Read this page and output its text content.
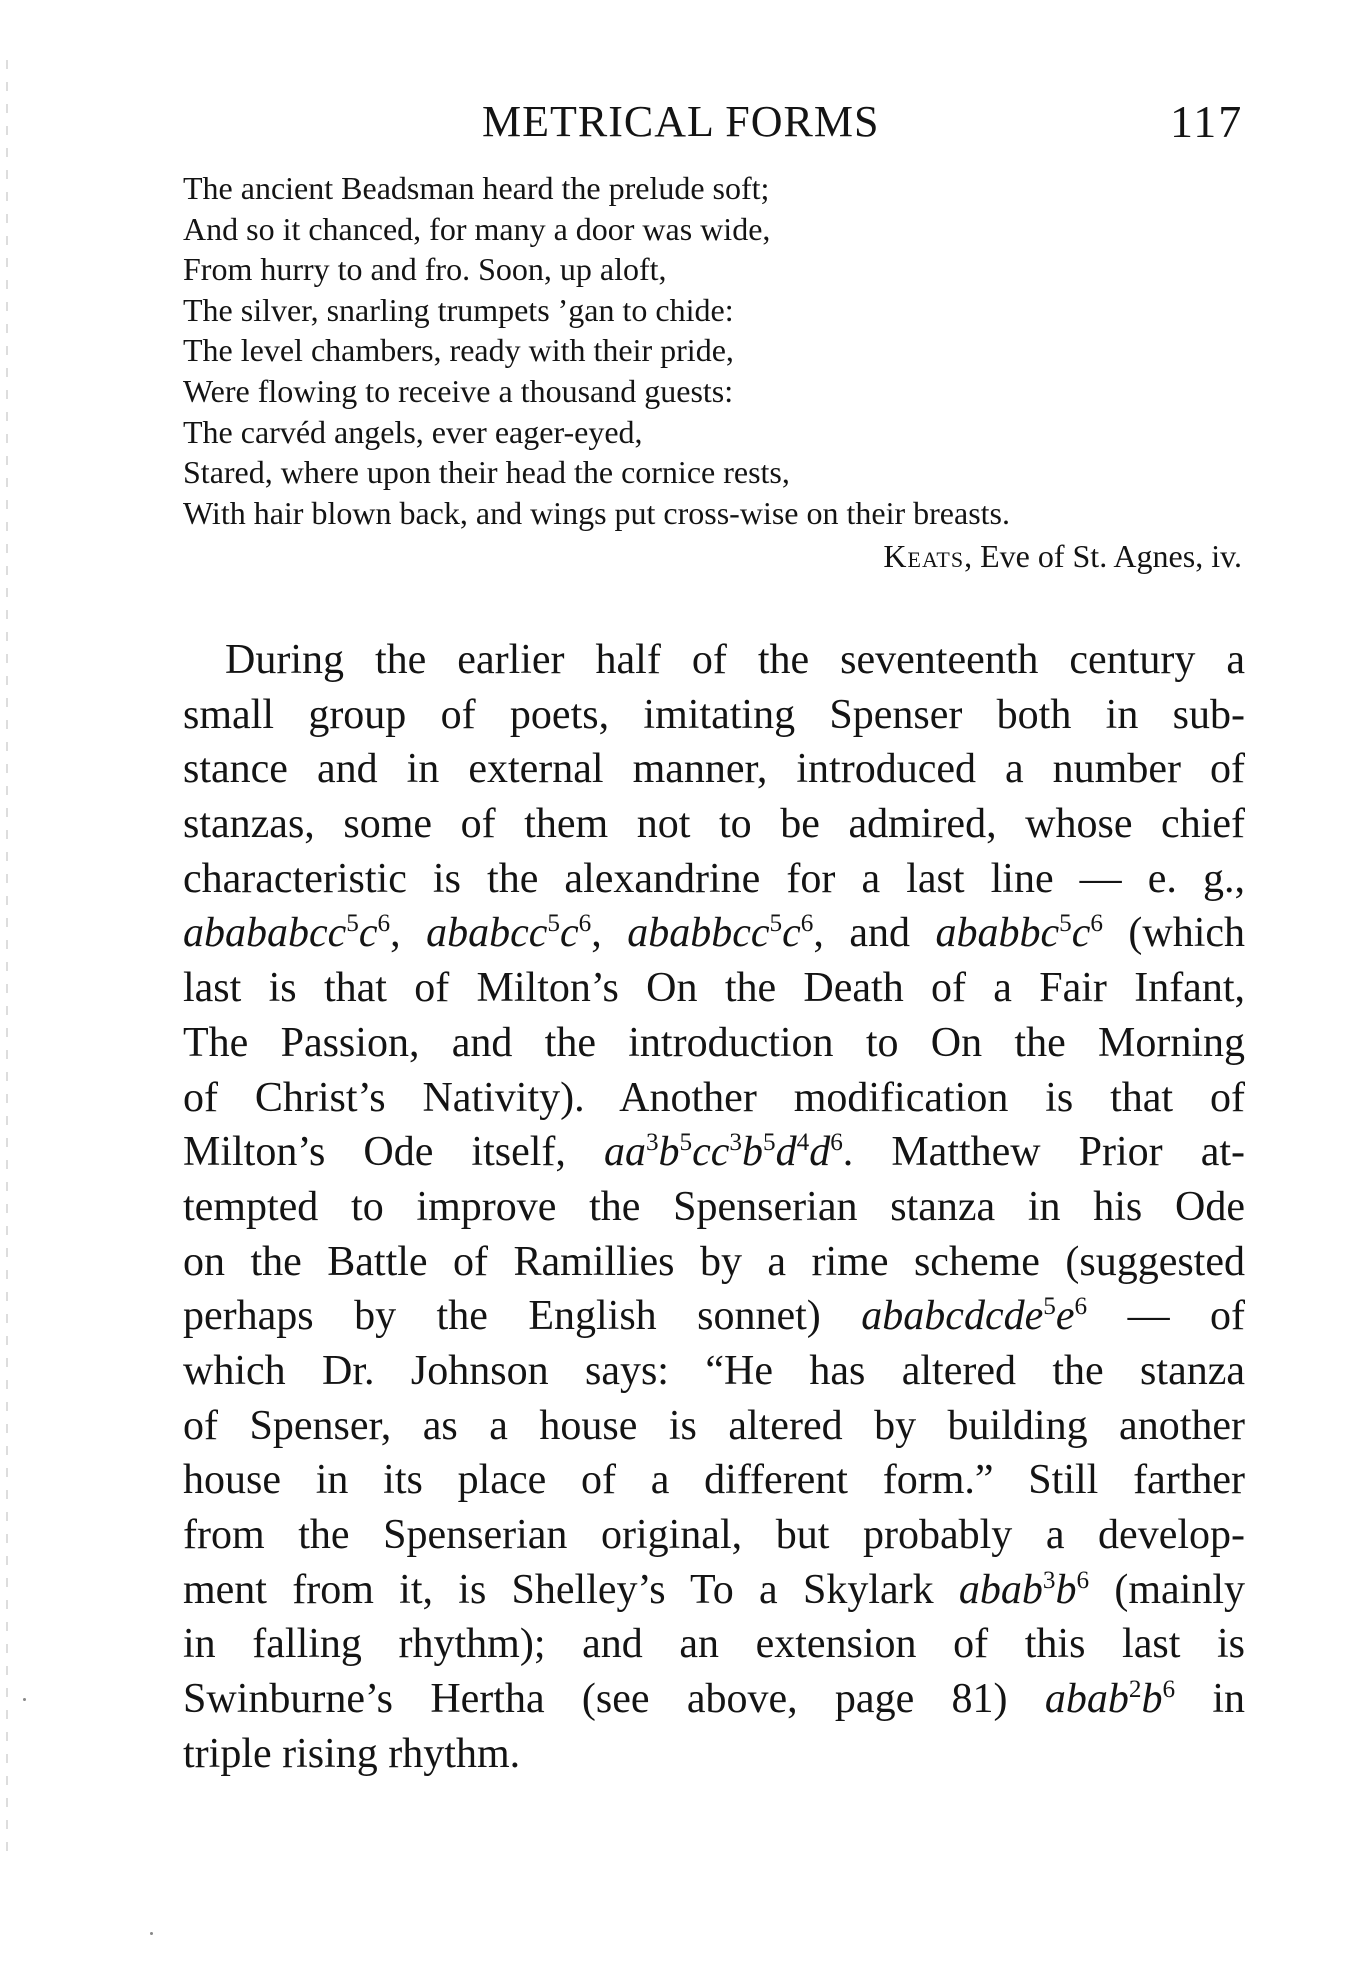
METRICAL FORMS	117
The ancient Beadsman heard the prelude soft;
And so it chanced, for many a door was wide,
From hurry to and fro. Soon, up aloft,
The silver, snarling trumpets ’gan to chide:
The level chambers, ready with their pride,
Were flowing to receive a thousand guests:
The carvéd angels, ever eager-eyed,
Stared, where upon their head the cornice rests,
With hair blown back, and wings put cross-wise on their breasts.
Keats, Eve of St. Agnes, iv.
During the earlier half of the seventeenth century a
small group of poets, imitating Spenser both in sub-
stance and in external manner, introduced a number of
stanzas, some of them not to be admired, whose chief
characteristic is the alexandrine for a last line — e. g.,
$abababcc^5c^6$, $ababcc^5c^6$, $ababbcc^5c^6$, and $ababbc^5c^6$ (which
last is that of Milton’s On the Death of a Fair Infant,
The Passion, and the introduction to On the Morning
of Christ’s Nativity). Another modification is that of
Milton’s Ode itself, $aa^3b^5cc^3b^5d^4d^6$. Matthew Prior at-
tempted to improve the Spenserian stanza in his Ode
on the Battle of Ramillies by a rime scheme (suggested
perhaps by the English sonnet) $ababcdcde^5e^6$ — of
which Dr. Johnson says: “He has altered the stanza
of Spenser, as a house is altered by building another
house in its place of a different form.” Still farther
from the Spenserian original, but probably a develop-
ment from it, is Shelley’s To a Skylark $abab^3b^6$ (mainly
in falling rhythm); and an extension of this last is
Swinburne’s Hertha (see above, page 81) $abab^2b^6$ in
triple rising rhythm.
